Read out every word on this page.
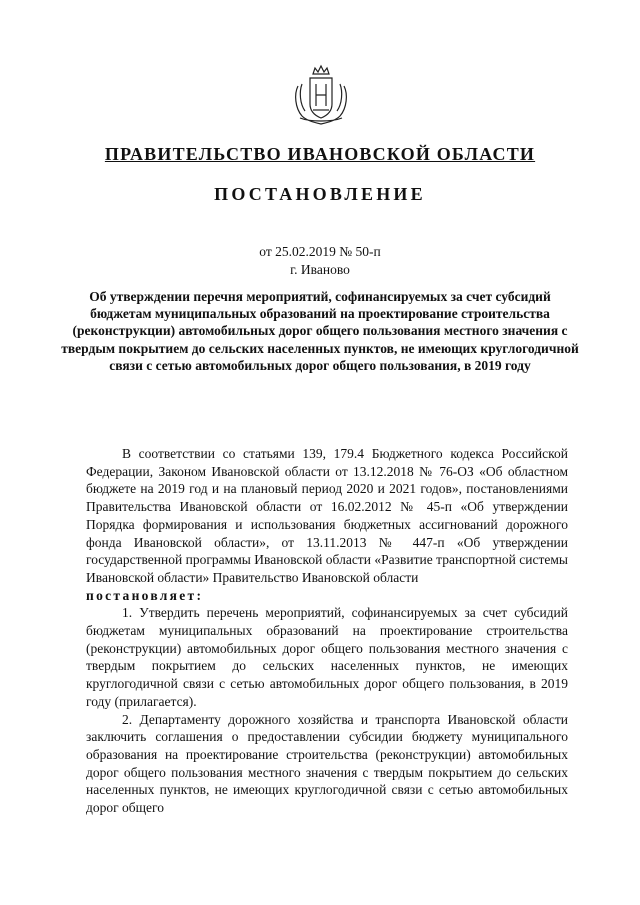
ПРАВИТЕЛЬСТВО ИВАНОВСКОЙ ОБЛАСТИ
ПОСТАНОВЛЕНИЕ
от 25.02.2019 № 50-п
г. Иваново
Об утверждении перечня мероприятий, софинансируемых за счет субсидий бюджетам муниципальных образований на проектирование строительства (реконструкции) автомобильных дорог общего пользования местного значения с твердым покрытием до сельских населенных пунктов, не имеющих круглогодичной связи с сетью автомобильных дорог общего пользования, в 2019 году

В соответствии со статьями 139, 179.4 Бюджетного кодекса Российской Федерации, Законом Ивановской области от 13.12.2018 № 76-ОЗ «Об областном бюджете на 2019 год и на плановый период 2020 и 2021 годов», постановлениями Правительства Ивановской области от 16.02.2012 № 45-п «Об утверждении Порядка формирования и использования бюджетных ассигнований дорожного фонда Ивановской области», от 13.11.2013 № 447-п «Об утверждении государственной программы Ивановской области «Развитие транспортной системы Ивановской области» Правительство Ивановской области

постановляет:

1. Утвердить перечень мероприятий, софинансируемых за счет субсидий бюджетам муниципальных образований на проектирование строительства (реконструкции) автомобильных дорог общего пользования местного значения с твердым покрытием до сельских населенных пунктов, не имеющих круглогодичной связи с сетью автомобильных дорог общего пользования, в 2019 году (прилагается).

2. Департаменту дорожного хозяйства и транспорта Ивановской области заключить соглашения о предоставлении субсидии бюджету муниципального образования на проектирование строительства (реконструкции) автомобильных дорог общего пользования местного значения с твердым покрытием до сельских населенных пунктов, не имеющих круглогодичной связи с сетью автомобильных дорог общего
